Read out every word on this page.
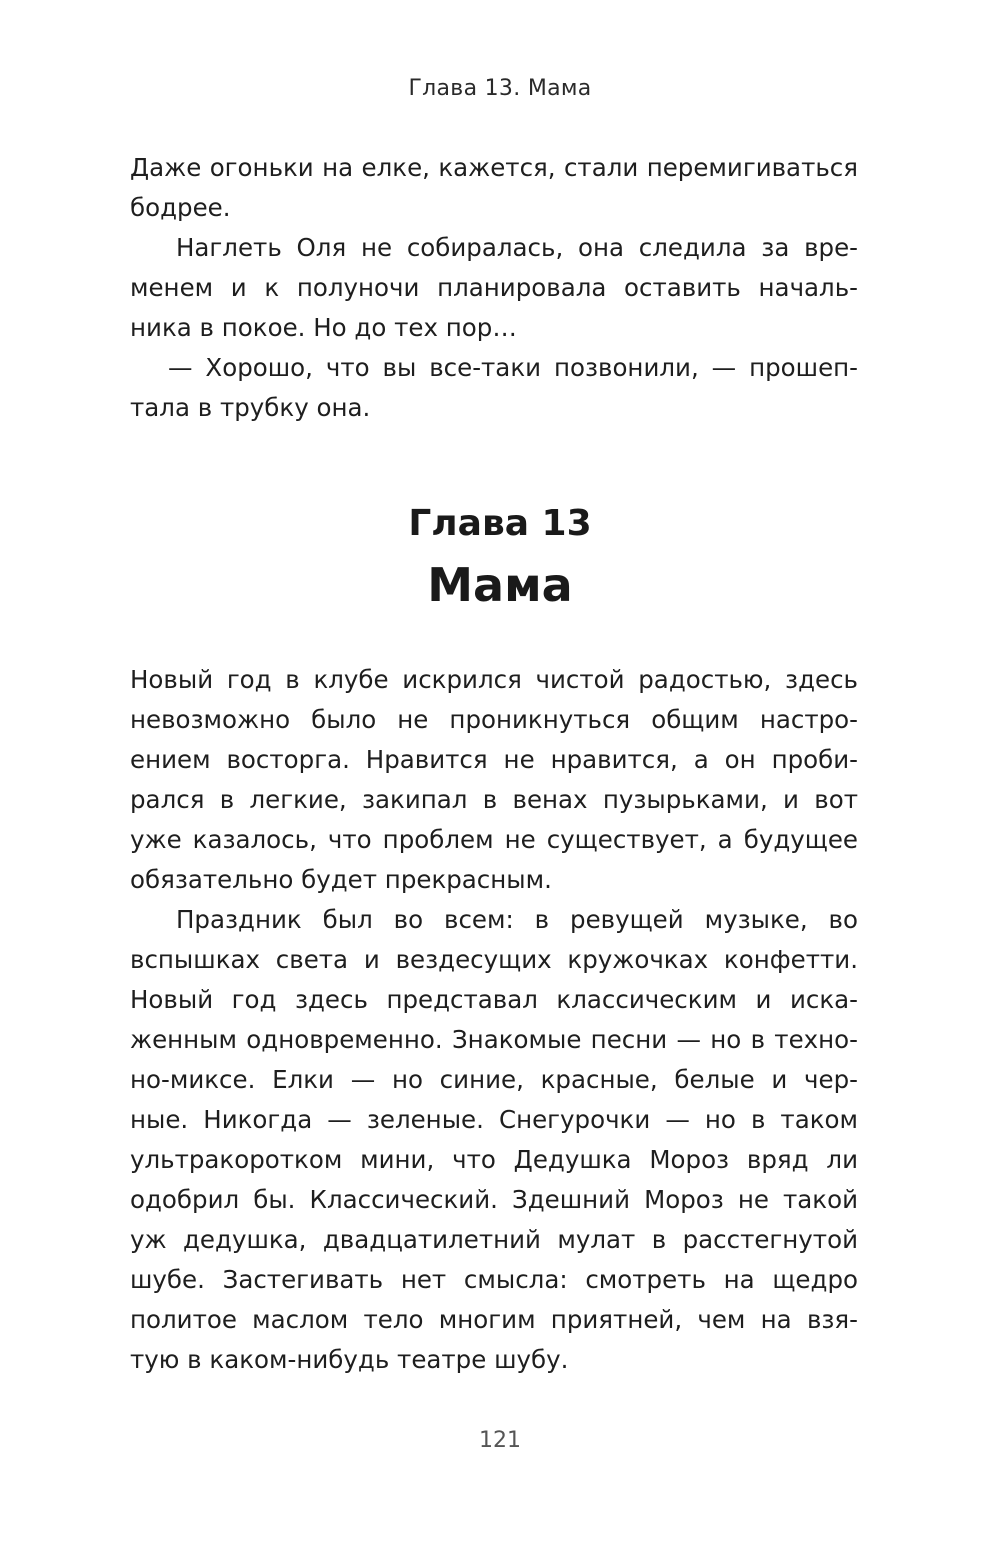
Глава 13. Мама
Даже огоньки на елке, кажется, стали перемигиваться
бодрее.
Наглеть Оля не собиралась, она следила за вре-
менем и к полуночи планировала оставить началь-
ника в покое. Но до тех пор…
— Хорошо, что вы все-таки позвонили, — прошеп-
тала в трубку она.
Глава 13
Мама
Новый год в клубе искрился чистой радостью, здесь
невозможно было не проникнуться общим настро-
ением восторга. Нравится не нравится, а он проби-
рался в легкие, закипал в венах пузырьками, и вот
уже казалось, что проблем не существует, а будущее
обязательно будет прекрасным.
Праздник был во всем: в ревущей музыке, во
вспышках света и вездесущих кружочках конфетти.
Новый год здесь представал классическим и иска-
женным одновременно. Знакомые песни — но в техно-
но-миксе. Елки — но синие, красные, белые и чер-
ные. Никогда — зеленые. Снегурочки — но в таком
ультракоротком мини, что Дедушка Мороз вряд ли
одобрил бы. Классический. Здешний Мороз не такой
уж дедушка, двадцатилетний мулат в расстегнутой
шубе. Застегивать нет смысла: смотреть на щедро
политое маслом тело многим приятней, чем на взя-
тую в каком-нибудь театре шубу.
121
